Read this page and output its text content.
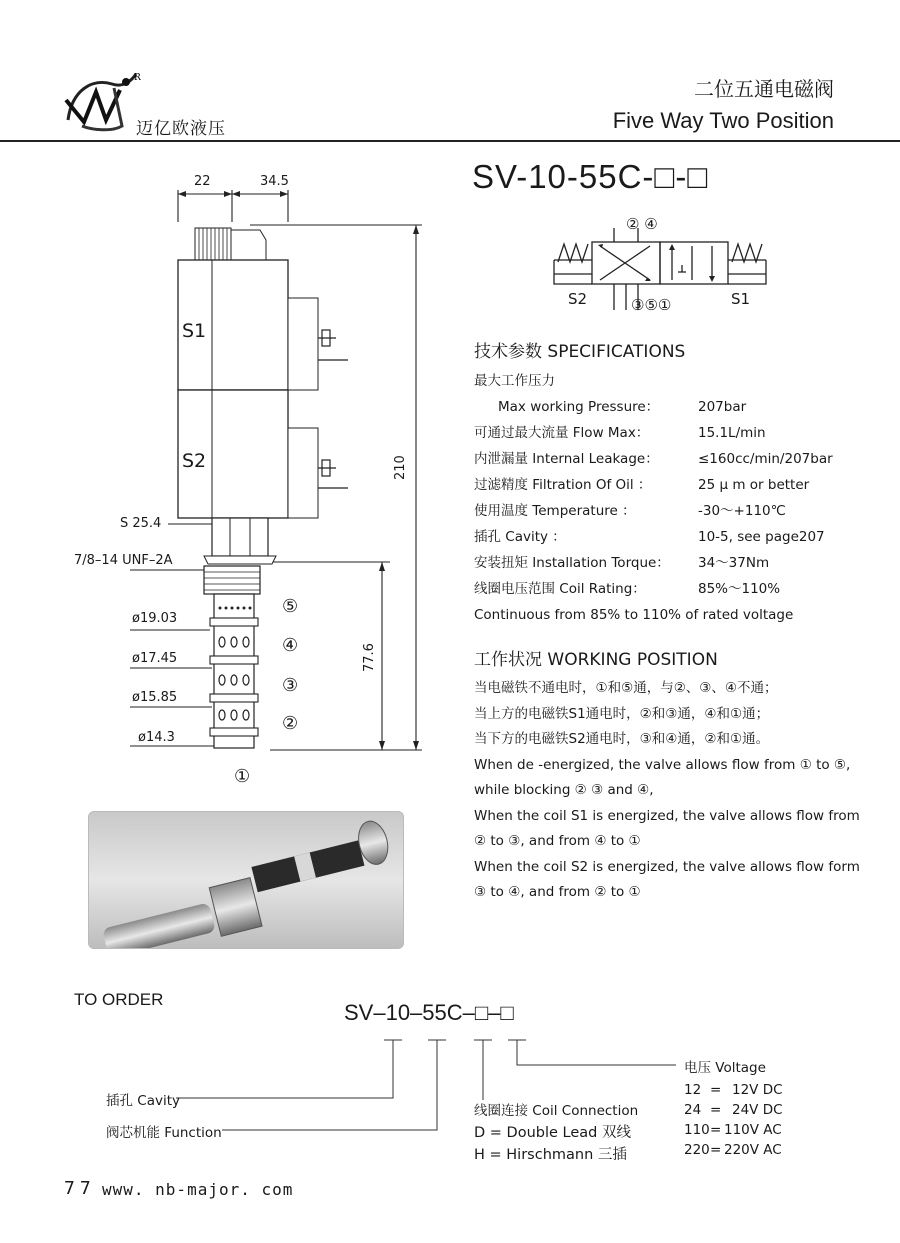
R
迈亿欧液压
二位五通电磁阀
Five Way Two Position
SV-10-55C-□-□
② ④
③⑤①
S2	S1
22	34.5
210
77.6
S1
S2
S 25.4
7/8–14 UNF–2A
ø19.03
ø17.45
ø15.85
ø14.3
⑤
④
③
②
①
技术参数 SPECIFICATIONS
最大工作压力
Max working Pressure：	207bar
可通过最大流量 Flow Max：	15.1L/min
内泄漏量 Internal Leakage：	≤160cc/min/207bar
过滤精度 Filtration Of Oil ：	25 μ m or better
使用温度 Temperature ：	-30～+110℃
插孔 Cavity ：	10-5, see page207
安装扭矩 Installation Torque： 34～37Nm
线圈电压范围 Coil Rating：	85%～110%
Continuous from 85% to 110% of rated voltage
工作状况 WORKING POSITION
当电磁铁不通电时，①和⑤通，与②、③、④不通；
当上方的电磁铁S1通电时，②和③通，④和①通；
当下方的电磁铁S2通电时，③和④通，②和①通。
When de -energized, the valve allows flow from ① to ⑤,
while blocking ② ③ and ④,
When the coil S1 is energized, the valve allows flow from
② to ③, and from ④ to ①
When the coil S2 is energized, the valve allows flow form
③ to ④, and from ② to ①
TO ORDER
SV–10–55C–□–□
插孔 Cavity
阀芯机能 Function
线圈连接 Coil Connection
D = Double Lead 双线
H = Hirschmann 三插
电压 Voltage
12 = 12V DC
24 = 24V DC
110 = 110V AC
220 = 220V AC
77 www. nb-major. com
